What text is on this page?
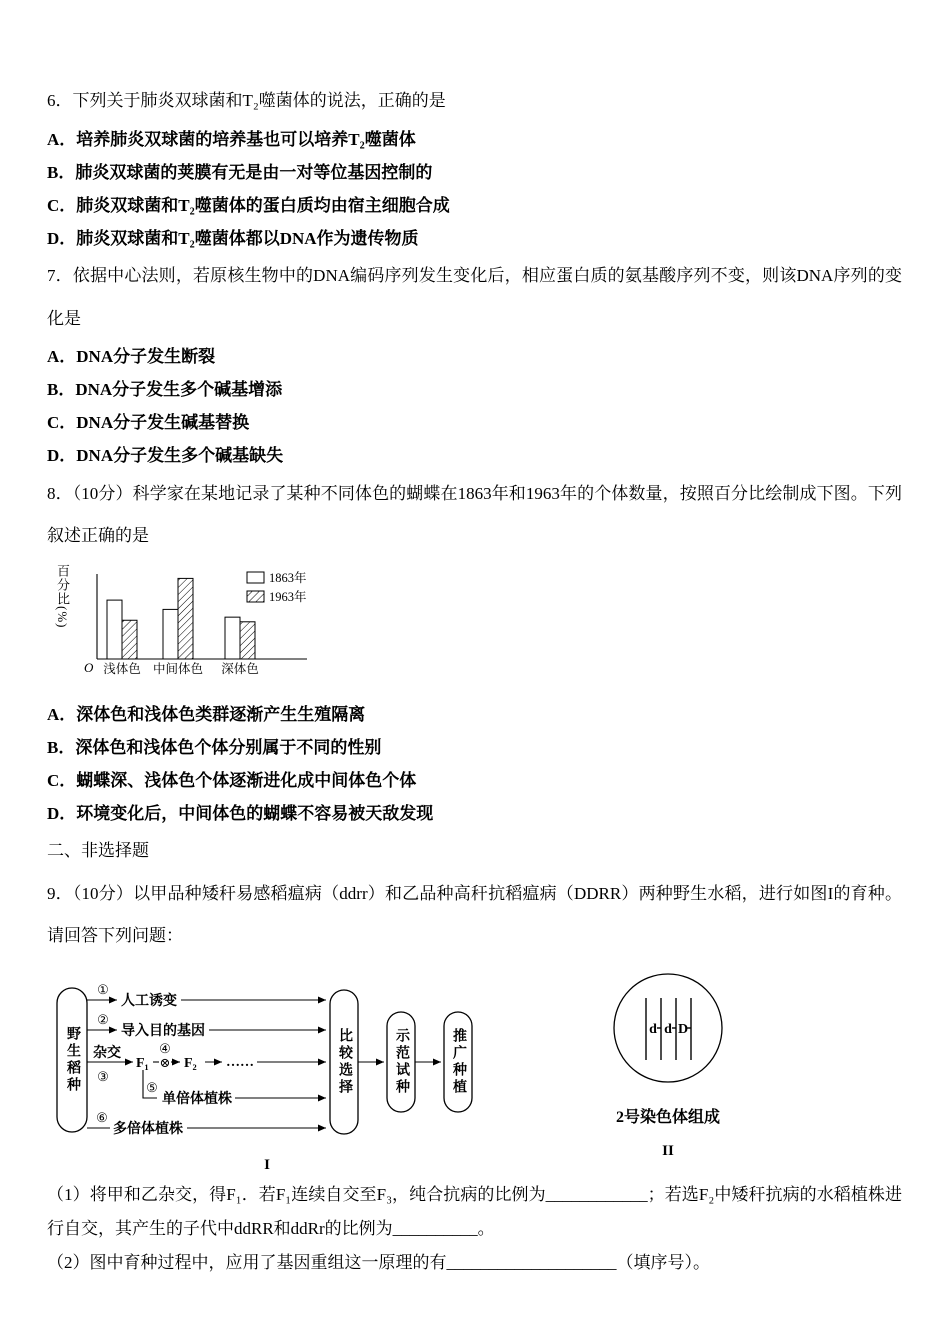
6．下列关于肺炎双球菌和T₂噬菌体的说法，正确的是

A．培养肺炎双球菌的培养基也可以培养T₂噬菌体

B．肺炎双球菌的荚膜有无是由一对等位基因控制的

C．肺炎双球菌和T₂噬菌体的蛋白质均由宿主细胞合成

D．肺炎双球菌和T₂噬菌体都以DNA作为遗传物质

7．依据中心法则，若原核生物中的DNA编码序列发生变化后，相应蛋白质的氨基酸序列不变，则该DNA序列的变化是

A．DNA分子发生断裂

B．DNA分子发生多个碱基增添

C．DNA分子发生碱基替换

D．DNA分子发生多个碱基缺失

8．（10分）科学家在某地记录了某种不同体色的蝴蝶在1863年和1963年的个体数量，按照百分比绘制成下图。下列叙述正确的是

百分比(%)
浅体色 中间体色 深体色
1863年
1963年
O

A．深体色和浅体色类群逐渐产生生殖隔离

B．深体色和浅体色个体分别属于不同的性别

C．蝴蝶深、浅体色个体逐渐进化成中间体色个体

D．环境变化后，中间体色的蝴蝶不容易被天敌发现

二、非选择题

9．（10分）以甲品种矮秆易感稻瘟病（ddrr）和乙品种高秆抗稻瘟病（DDRR）两种野生水稻，进行如图I的育种。请回答下列问题：

①
②
③
④
⑤
⑥
人工诱变
导入目的基因
杂交
F₁ ⊗ F₂ ……
单倍体植株
多倍体植株
I
野生稻种	比较选择	示范试种	推广种植	d d D
2号染色体组成
II

（1）将甲和乙杂交，得F₁．若F₁连续自交至F₃，纯合抗病的比例为____________；若选F₂中矮秆抗病的水稻植株进行自交，其产生的子代中ddRR和ddRr的比例为__________。

（2）图中育种过程中，应用了基因重组这一原理的有____________________（填序号）。
